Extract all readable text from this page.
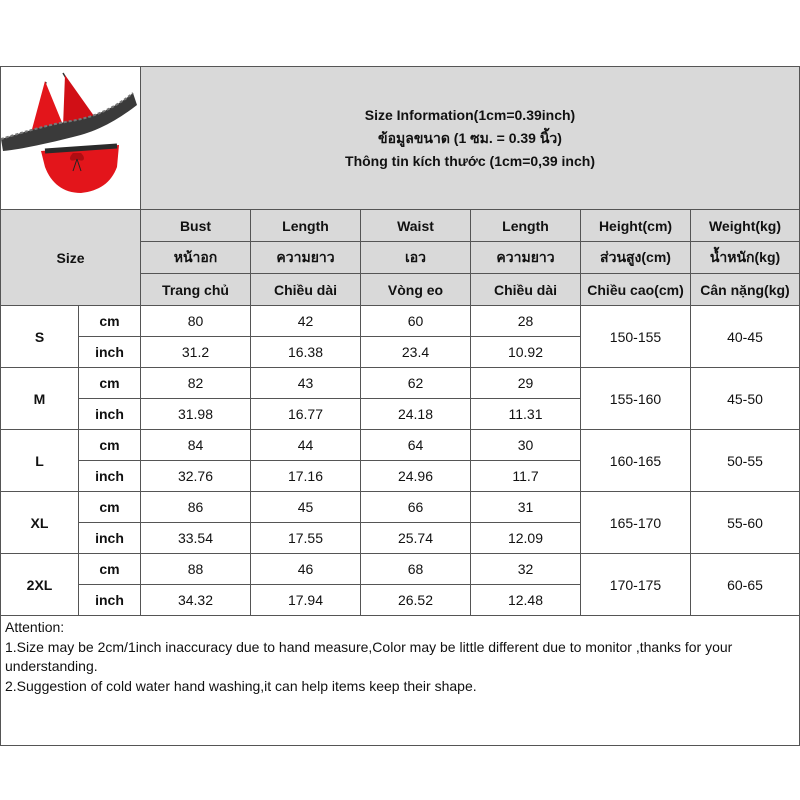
Size Information(1cm=0.39inch)
ข้อมูลขนาด (1 ซม. = 0.39 นิ้ว)
Thông tin kích thước (1cm=0,39 inch)					

Size		Bust	Length	Waist	Length	Height(cm)	Weight(kg)
		หน้าอก	ความยาว	เอว	ความยาว	ส่วนสูง(cm)	น้ำหนัก(kg)
		Trang chủ	Chiều dài	Vòng eo	Chiều dài	Chiều cao(cm)	Cân nặng(kg)
S	cm	80	42	60	28	150-155	40-45
	inch	31.2	16.38	23.4	10.92		
M	cm	82	43	62	29	155-160	45-50
	inch	31.98	16.77	24.18	11.31		
L	cm	84	44	64	30	160-165	50-55
	inch	32.76	17.16	24.96	11.7		
XL	cm	86	45	66	31	165-170	55-60
	inch	33.54	17.55	25.74	12.09		
2XL	cm	88	46	68	32	170-175	60-65
	inch	34.32	17.94	26.52	12.48		

Attention:
1.Size may be 2cm/1inch inaccuracy due to hand measure,Color may be little different due to monitor ,thanks for your understanding.
2.Suggestion of cold water hand washing,it can help items keep their shape.							
